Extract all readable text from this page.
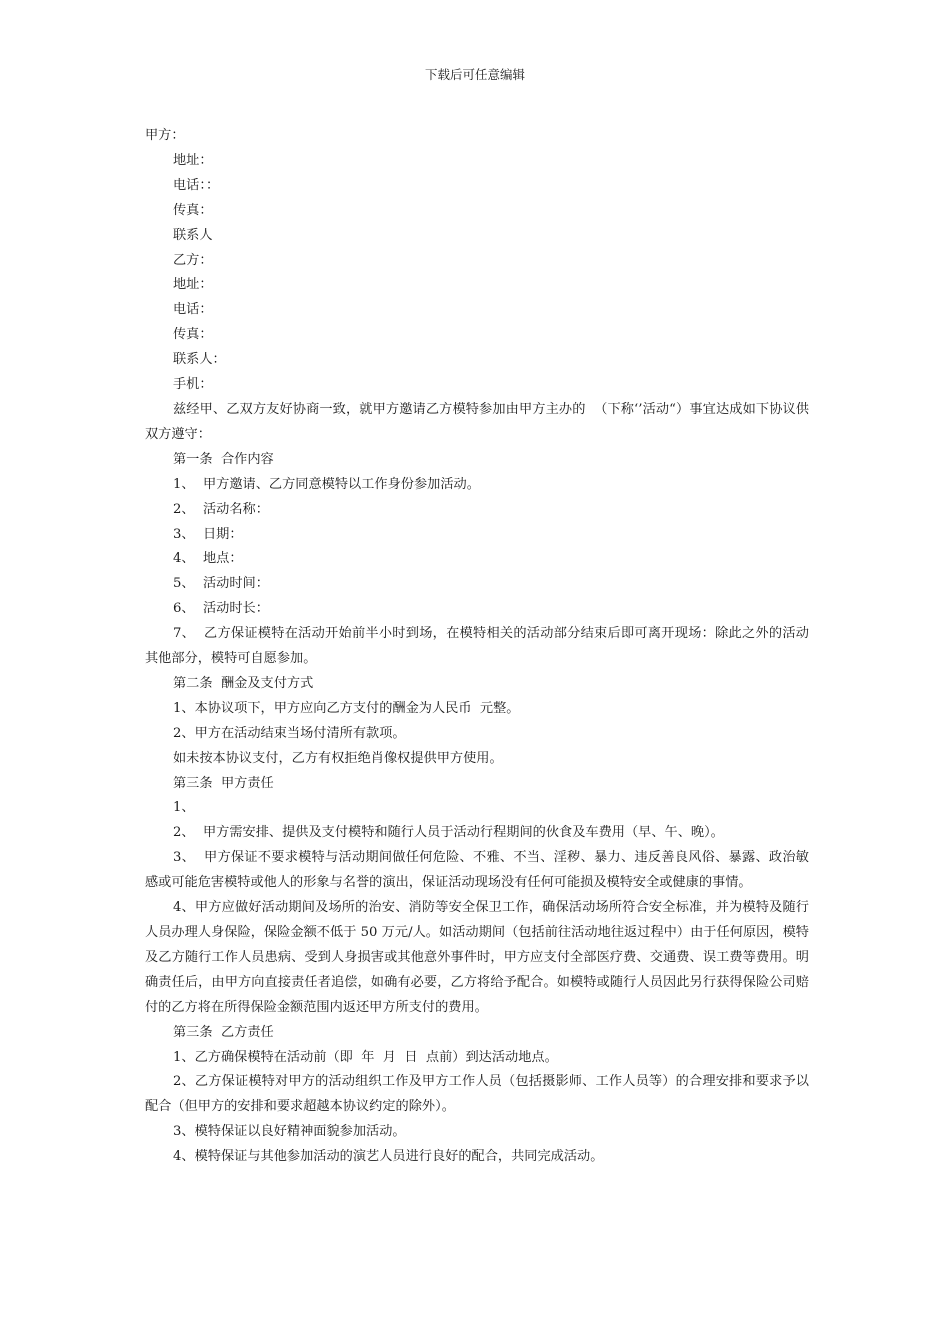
下载后可任意编辑

甲方：

地址：

电话：：

传真：

联系人

乙方：

地址：

电话：

传真：

联系人：

手机：

兹经甲、乙双方友好协商一致，就甲方邀请乙方模特参加由甲方主办的  （下称‘’活动“）事宜达成如下协议供双方遵守：

第一条  合作内容

1、  甲方邀请、乙方同意模特以工作身份参加活动。

2、  活动名称：

3、  日期：

4、  地点：

5、  活动时间：

6、  活动时长：

7、  乙方保证模特在活动开始前半小时到场，在模特相关的活动部分结束后即可离开现场：除此之外的活动其他部分，模特可自愿参加。

第二条  酬金及支付方式

1、本协议项下，甲方应向乙方支付的酬金为人民币  元整。

2、甲方在活动结束当场付清所有款项。

如未按本协议支付，乙方有权拒绝肖像权提供甲方使用。

第三条  甲方责任

1、

2、  甲方需安排、提供及支付模特和随行人员于活动行程期间的伙食及车费用（早、午、晚）。

3、  甲方保证不要求模特与活动期间做任何危险、不雅、不当、淫秽、暴力、违反善良风俗、暴露、政治敏感或可能危害模特或他人的形象与名誉的演出，保证活动现场没有任何可能损及模特安全或健康的事情。

4、甲方应做好活动期间及场所的治安、消防等安全保卫工作，确保活动场所符合安全标准，并为模特及随行人员办理人身保险，保险金额不低于 50 万元/人。如活动期间（包括前往活动地往返过程中）由于任何原因，模特及乙方随行工作人员患病、受到人身损害或其他意外事件时，甲方应支付全部医疗费、交通费、误工费等费用。明确责任后，由甲方向直接责任者追偿，如确有必要，乙方将给予配合。如模特或随行人员因此另行获得保险公司赔付的乙方将在所得保险金额范围内返还甲方所支付的费用。

第三条  乙方责任

1、乙方确保模特在活动前（即  年  月  日  点前）到达活动地点。

2、乙方保证模特对甲方的活动组织工作及甲方工作人员（包括摄影师、工作人员等）的合理安排和要求予以配合（但甲方的安排和要求超越本协议约定的除外）。

3、模特保证以良好精神面貌参加活动。

4、模特保证与其他参加活动的演艺人员进行良好的配合，共同完成活动。
